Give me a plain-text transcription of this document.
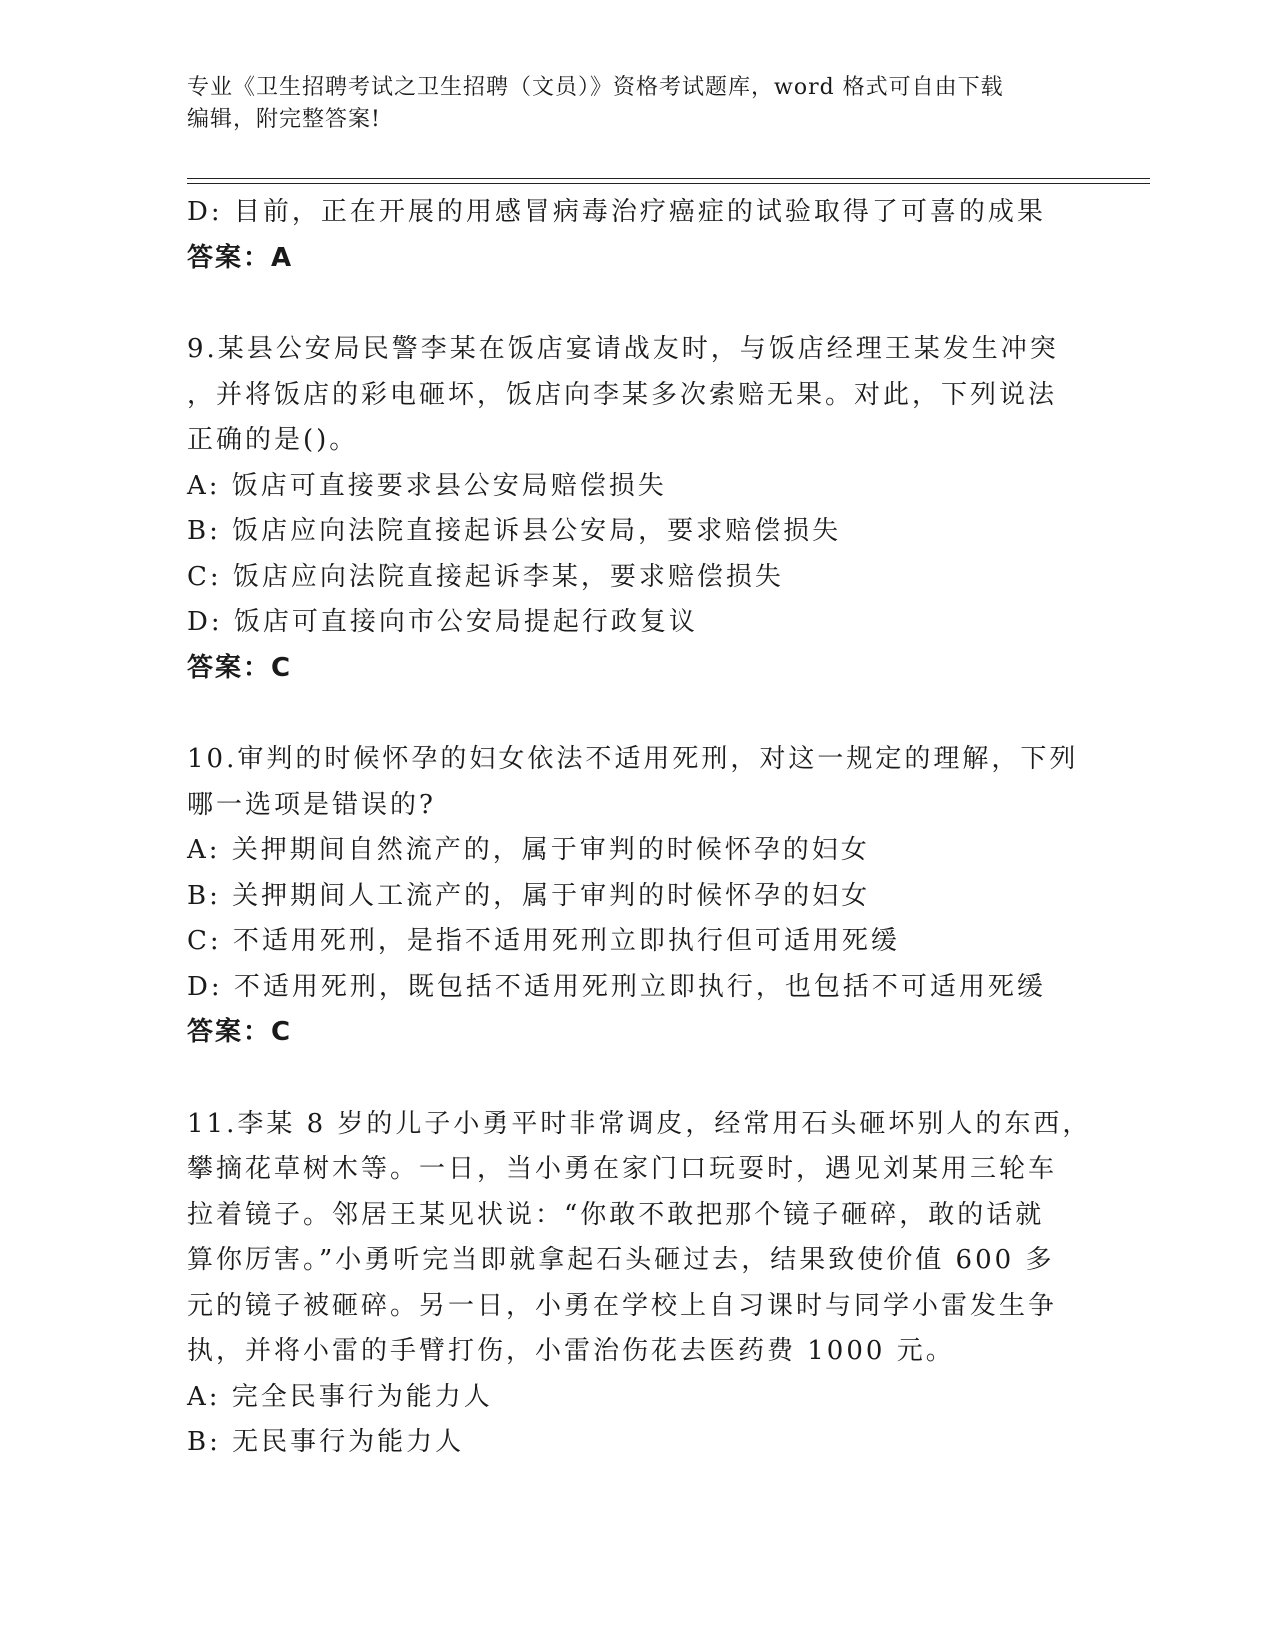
专业《卫生招聘考试之卫生招聘（文员）》资格考试题库，word 格式可自由下载
编辑，附完整答案!
D: 目前，正在开展的用感冒病毒治疗癌症的试验取得了可喜的成果
答案：A
9.某县公安局民警李某在饭店宴请战友时，与饭店经理王某发生冲突
，并将饭店的彩电砸坏，饭店向李某多次索赔无果。对此，下列说法
正确的是()。
A: 饭店可直接要求县公安局赔偿损失
B: 饭店应向法院直接起诉县公安局，要求赔偿损失
C: 饭店应向法院直接起诉李某，要求赔偿损失
D: 饭店可直接向市公安局提起行政复议
答案：C
10.审判的时候怀孕的妇女依法不适用死刑，对这一规定的理解，下列
哪一选项是错误的?
A: 关押期间自然流产的，属于审判的时候怀孕的妇女
B: 关押期间人工流产的，属于审判的时候怀孕的妇女
C: 不适用死刑，是指不适用死刑立即执行但可适用死缓
D: 不适用死刑，既包括不适用死刑立即执行，也包括不可适用死缓
答案：C
11.李某 8 岁的儿子小勇平时非常调皮，经常用石头砸坏别人的东西，
攀摘花草树木等。一日，当小勇在家门口玩耍时，遇见刘某用三轮车
拉着镜子。邻居王某见状说：“你敢不敢把那个镜子砸碎，敢的话就
算你厉害。”小勇听完当即就拿起石头砸过去，结果致使价值 600 多
元的镜子被砸碎。另一日，小勇在学校上自习课时与同学小雷发生争
执，并将小雷的手臂打伤，小雷治伤花去医药费 1000 元。
A: 完全民事行为能力人
B: 无民事行为能力人
